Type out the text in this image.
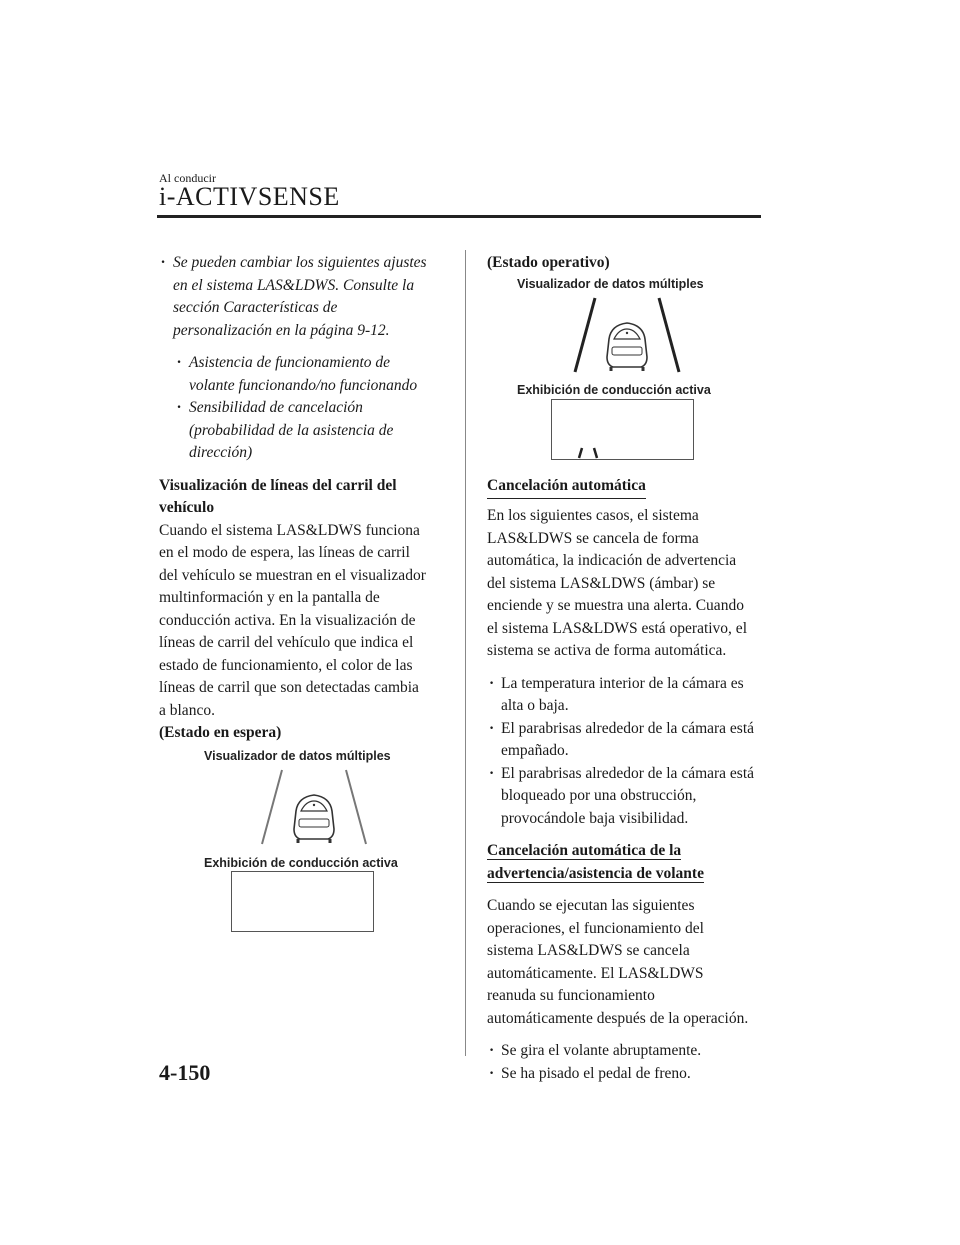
Al conducir
i-ACTIVSENSE
· Se pueden cambiar los siguientes ajustes
en el sistema LAS&LDWS. Consulte la
sección Características de
personalización en la página 9-12.
· Asistencia de funcionamiento de
volante funcionando/no funcionando
· Sensibilidad de cancelación
(probabilidad de la asistencia de
dirección)
Visualización de líneas del carril del
vehículo
Cuando el sistema LAS&LDWS funciona
en el modo de espera, las líneas de carril
del vehículo se muestran en el visualizador
multinformación y en la pantalla de
conducción activa. En la visualización de
líneas de carril del vehículo que indica el
estado de funcionamiento, el color de las
líneas de carril que son detectadas cambia
a blanco.
(Estado en espera)
Visualizador de datos múltiples
Exhibición de conducción activa
(Estado operativo)
Visualizador de datos múltiples
Exhibición de conducción activa
Cancelación automática
En los siguientes casos, el sistema
LAS&LDWS se cancela de forma
automática, la indicación de advertencia
del sistema LAS&LDWS (ámbar) se
enciende y se muestra una alerta. Cuando
el sistema LAS&LDWS está operativo, el
sistema se activa de forma automática.
· La temperatura interior de la cámara es
alta o baja.
· El parabrisas alrededor de la cámara está
empañado.
· El parabrisas alrededor de la cámara está
bloqueado por una obstrucción,
provocándole baja visibilidad.
Cancelación automática de la
advertencia/asistencia de volante
Cuando se ejecutan las siguientes
operaciones, el funcionamiento del
sistema LAS&LDWS se cancela
automáticamente. El LAS&LDWS
reanuda su funcionamiento
automáticamente después de la operación.
· Se gira el volante abruptamente.
· Se ha pisado el pedal de freno.
4-150
